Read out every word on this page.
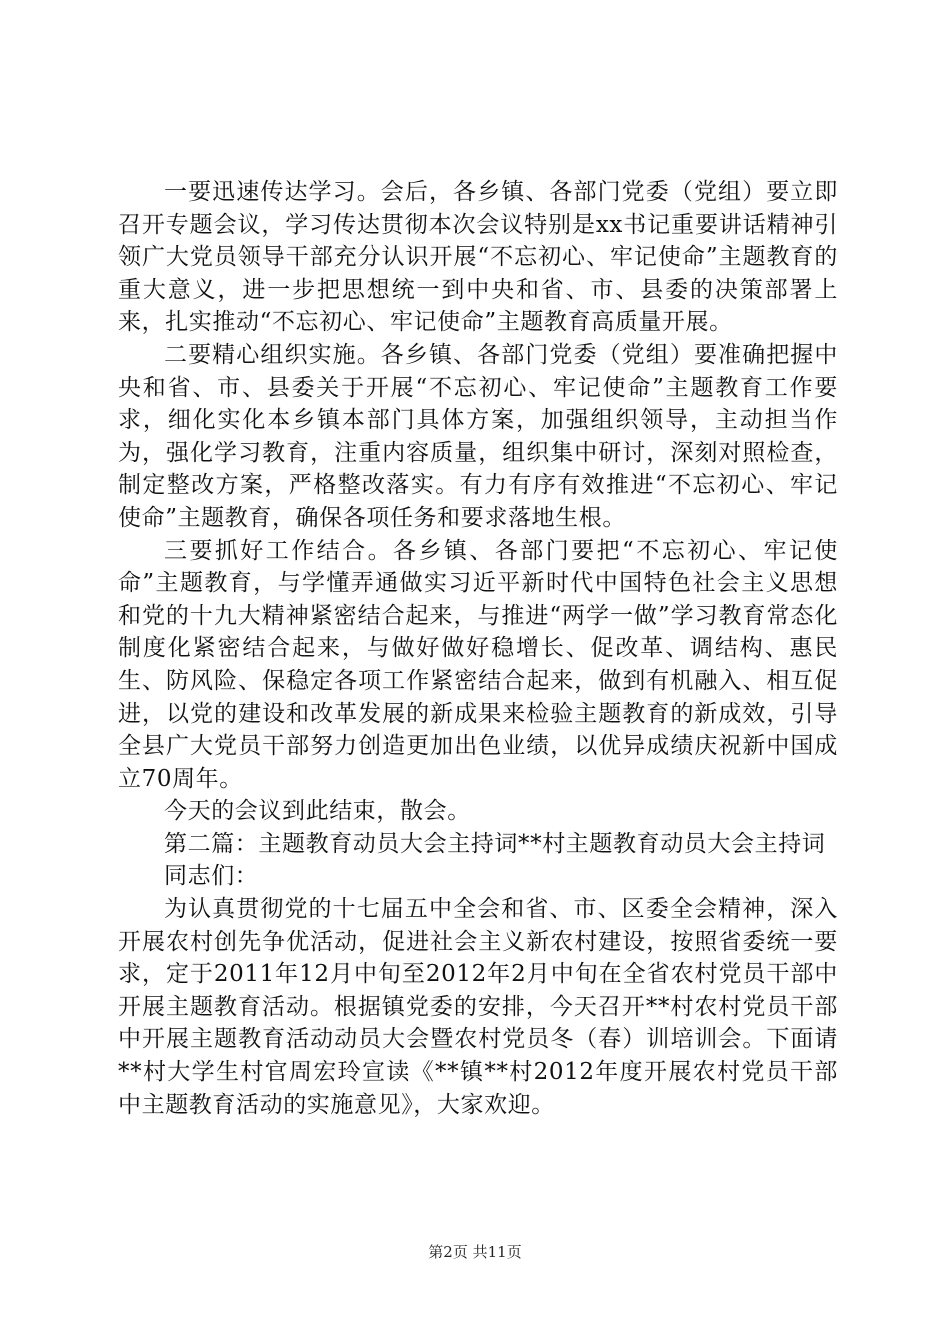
一要迅速传达学习。会后，各乡镇、各部门党委（党组）要立即召开专题会议，学习传达贯彻本次会议特别是xx书记重要讲话精神引领广大党员领导干部充分认识开展“不忘初心、牢记使命”主题教育的重大意义，进一步把思想统一到中央和省、市、县委的决策部署上来，扎实推动“不忘初心、牢记使命”主题教育高质量开展。

二要精心组织实施。各乡镇、各部门党委（党组）要准确把握中央和省、市、县委关于开展“不忘初心、牢记使命”主题教育工作要求，细化实化本乡镇本部门具体方案，加强组织领导，主动担当作为，强化学习教育，注重内容质量，组织集中研讨，深刻对照检查，制定整改方案，严格整改落实。有力有序有效推进“不忘初心、牢记使命”主题教育，确保各项任务和要求落地生根。

三要抓好工作结合。各乡镇、各部门要把“不忘初心、牢记使命”主题教育，与学懂弄通做实习近平新时代中国特色社会主义思想和党的十九大精神紧密结合起来，与推进“两学一做”学习教育常态化制度化紧密结合起来，与做好做好稳增长、促改革、调结构、惠民生、防风险、保稳定各项工作紧密结合起来，做到有机融入、相互促进，以党的建设和改革发展的新成果来检验主题教育的新成效，引导全县广大党员干部努力创造更加出色业绩，以优异成绩庆祝新中国成立70周年。

今天的会议到此结束，散会。

第二篇：主题教育动员大会主持词**村主题教育动员大会主持词

同志们：

为认真贯彻党的十七届五中全会和省、市、区委全会精神，深入开展农村创先争优活动，促进社会主义新农村建设，按照省委统一要求，定于2011年12月中旬至2012年2月中旬在全省农村党员干部中开展主题教育活动。根据镇党委的安排，今天召开**村农村党员干部中开展主题教育活动动员大会暨农村党员冬（春）训培训会。下面请**村大学生村官周宏玲宣读《**镇**村2012年度开展农村党员干部中主题教育活动的实施意见》，大家欢迎。

第2页 共11页
